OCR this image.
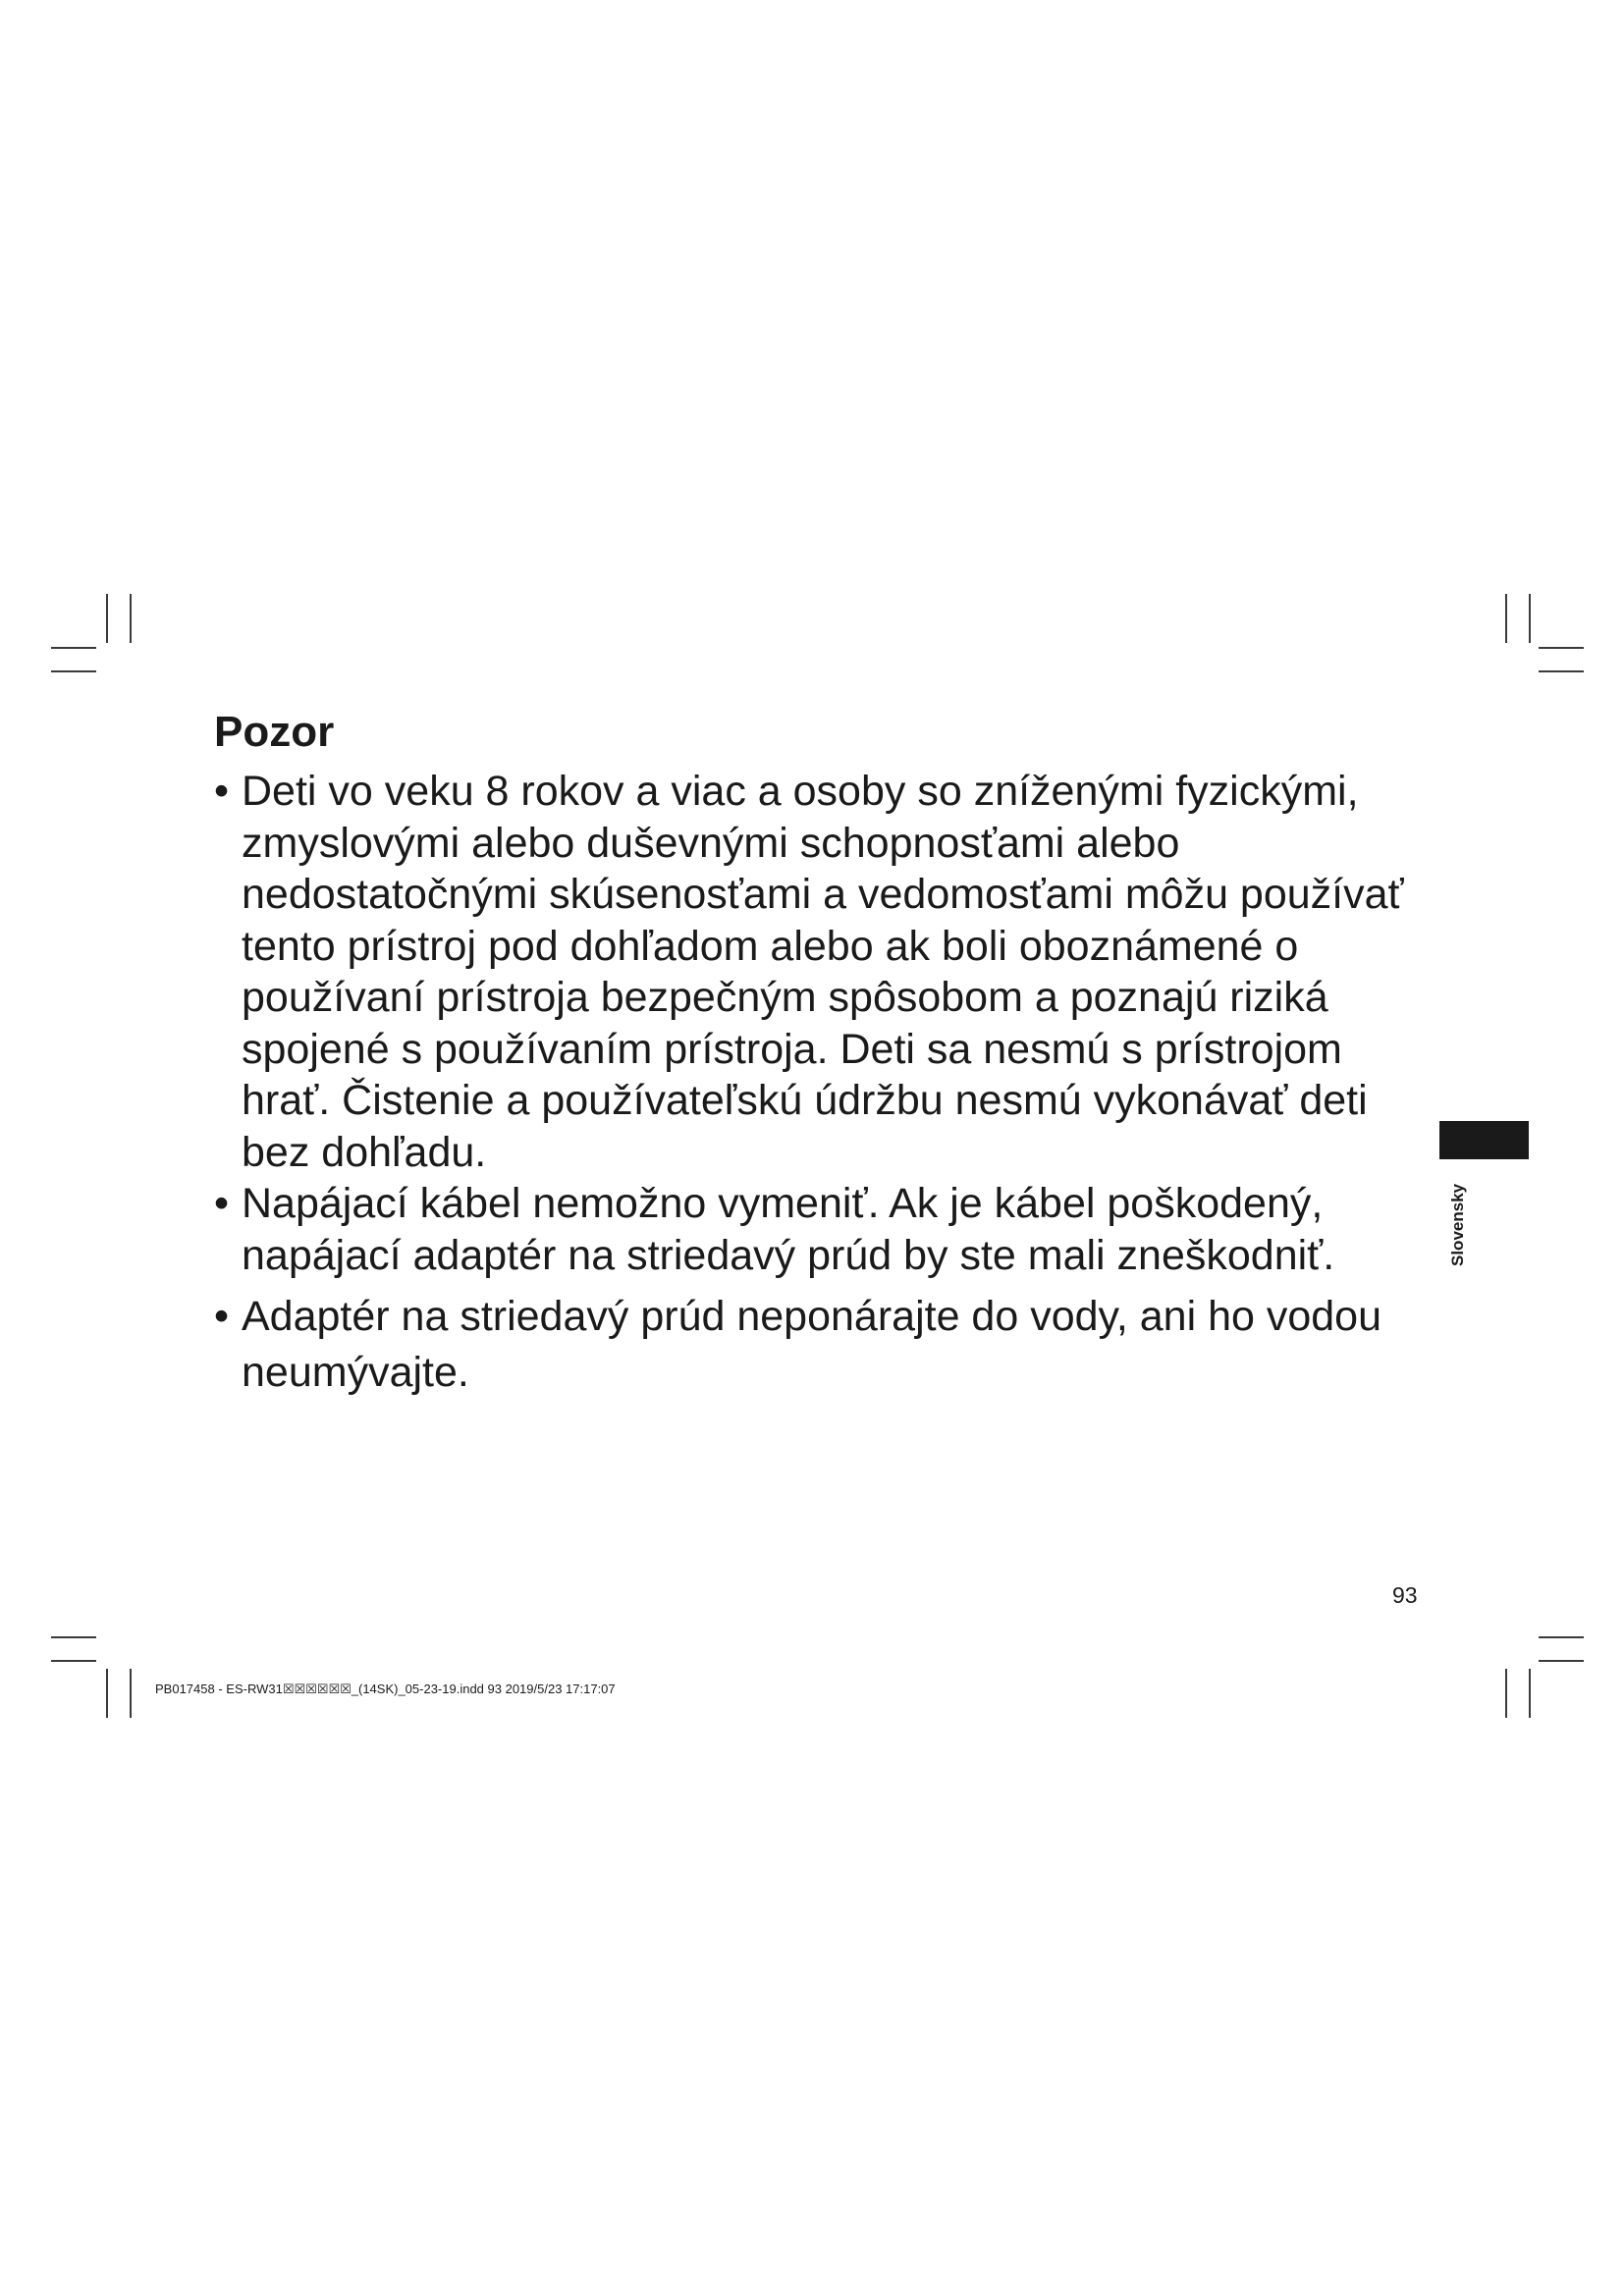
Pozor
• Deti vo veku 8 rokov a viac a osoby so zníženými fyzickými, zmyslovými alebo duševnými schopnosťami alebo nedostatočnými skúsenosťami a vedomosťami môžu používať tento prístroj pod dohľadom alebo ak boli oboznámené o používaní prístroja bezpečným spôsobom a poznajú riziká spojené s používaním prístroja. Deti sa nesmú s prístrojom hrať. Čistenie a používateľskú údržbu nesmú vykonávať deti bez dohľadu.
• Napájací kábel nemožno vymeniť. Ak je kábel poškodený, napájací adaptér na striedavý prúd by ste mali zneškodniť.
• Adaptér na striedavý prúd neponárajte do vody, ani ho vodou neumývajte.
Slovensky
93
PB017458 - ES-RW31☒☒☒☒☒☒_(14SK)_05-23-19.indd 93 2019/5/23 17:17:07
